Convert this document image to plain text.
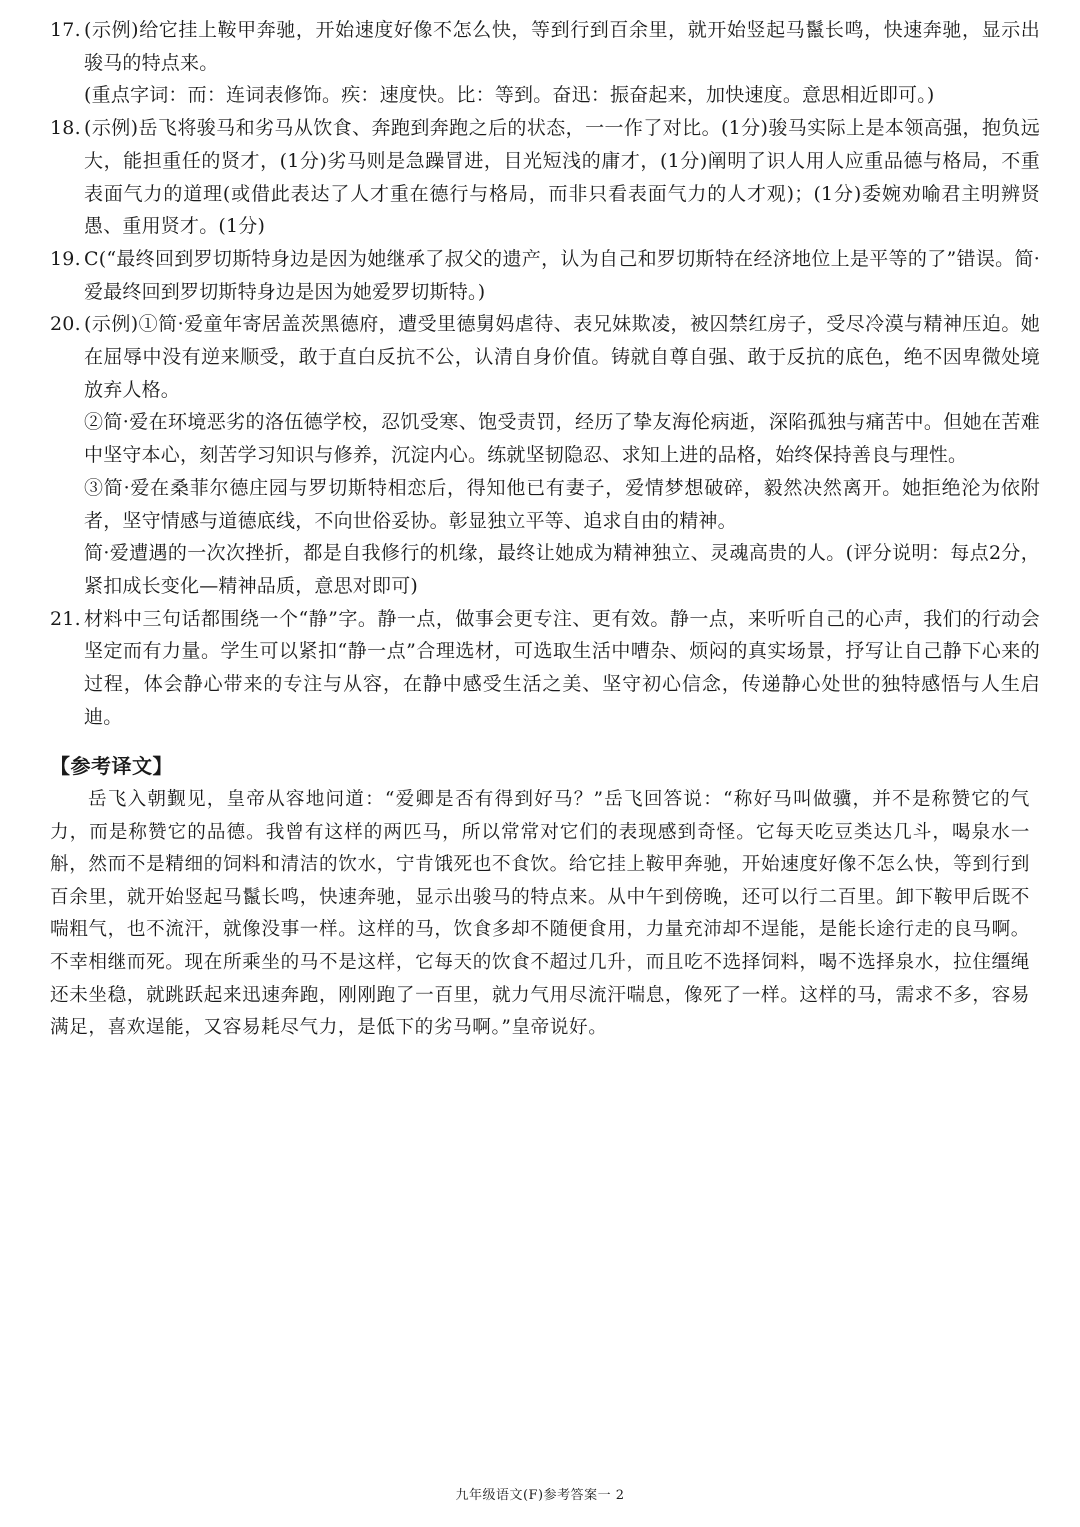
17. (示例)给它挂上鞍甲奔驰，开始速度好像不怎么快，等到行到百余里，就开始竖起马鬣长鸣，快速奔驰，显示出骏马的特点来。

(重点字词：而：连词表修饰。疾：速度快。比：等到。奋迅：振奋起来，加快速度。意思相近即可。)

18. (示例)岳飞将骏马和劣马从饮食、奔跑到奔跑之后的状态，一一作了对比。(1分)骏马实际上是本领高强，抱负远大，能担重任的贤才，(1分)劣马则是急躁冒进，目光短浅的庸才，(1分)阐明了识人用人应重品德与格局，不重表面气力的道理(或借此表达了人才重在德行与格局，而非只看表面气力的人才观)；(1分)委婉劝喻君主明辨贤愚、重用贤才。(1分)

19. C(“最终回到罗切斯特身边是因为她继承了叔父的遗产，认为自己和罗切斯特在经济地位上是平等的了”错误。简·爱最终回到罗切斯特身边是因为她爱罗切斯特。)

20. (示例)①简·爱童年寄居盖茨黑德府，遭受里德舅妈虐待、表兄妹欺凌，被囚禁红房子，受尽冷漠与精神压迫。她在屈辱中没有逆来顺受，敢于直白反抗不公，认清自身价值。铸就自尊自强、敢于反抗的底色，绝不因卑微处境放弃人格。

②简·爱在环境恶劣的洛伍德学校，忍饥受寒、饱受责罚，经历了挚友海伦病逝，深陷孤独与痛苦中。但她在苦难中坚守本心，刻苦学习知识与修养，沉淀内心。练就坚韧隐忍、求知上进的品格，始终保持善良与理性。

③简·爱在桑菲尔德庄园与罗切斯特相恋后，得知他已有妻子，爱情梦想破碎，毅然决然离开。她拒绝沦为依附者，坚守情感与道德底线，不向世俗妥协。彰显独立平等、追求自由的精神。

简·爱遭遇的一次次挫折，都是自我修行的机缘，最终让她成为精神独立、灵魂高贵的人。(评分说明：每点2分，紧扣成长变化—精神品质，意思对即可)

21. 材料中三句话都围绕一个“静”字。静一点，做事会更专注、更有效。静一点，来听听自己的心声，我们的行动会坚定而有力量。学生可以紧扣“静一点”合理选材，可选取生活中嘈杂、烦闷的真实场景，抒写让自己静下心来的过程，体会静心带来的专注与从容，在静中感受生活之美、坚守初心信念，传递静心处世的独特感悟与人生启迪。

【参考译文】

岳飞入朝觐见，皇帝从容地问道：“爱卿是否有得到好马？”岳飞回答说：“称好马叫做骥，并不是称赞它的气力，而是称赞它的品德。我曾有这样的两匹马，所以常常对它们的表现感到奇怪。它每天吃豆类达几斗，喝泉水一斛，然而不是精细的饲料和清洁的饮水，宁肯饿死也不食饮。给它挂上鞍甲奔驰，开始速度好像不怎么快，等到行到百余里，就开始竖起马鬣长鸣，快速奔驰，显示出骏马的特点来。从中午到傍晚，还可以行二百里。卸下鞍甲后既不喘粗气，也不流汗，就像没事一样。这样的马，饮食多却不随便食用，力量充沛却不逞能，是能长途行走的良马啊。不幸相继而死。现在所乘坐的马不是这样，它每天的饮食不超过几升，而且吃不选择饲料，喝不选择泉水，拉住缰绳还未坐稳，就跳跃起来迅速奔跑，刚刚跑了一百里，就力气用尽流汗喘息，像死了一样。这样的马，需求不多，容易满足，喜欢逞能，又容易耗尽气力，是低下的劣马啊。”皇帝说好。

九年级语文(F)参考答案一 2
